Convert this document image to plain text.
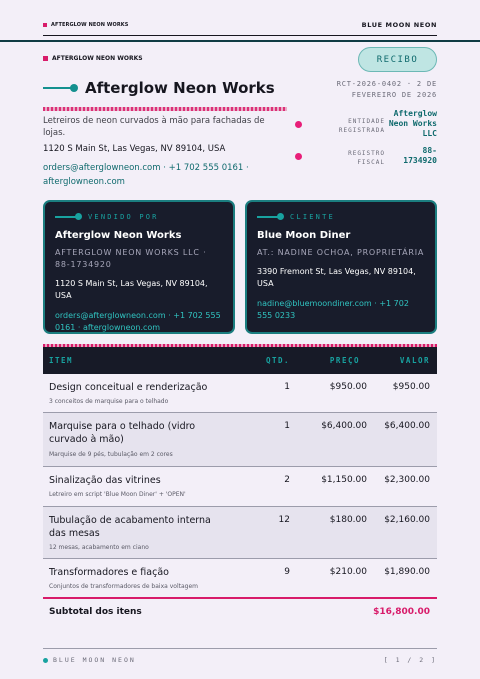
AFTERGLOW NEON WORKS	BLUE MOON NEON
AFTERGLOW NEON WORKS	RECIBO
Afterglow Neon Works
Letreiros de neon curvados à mão para fachadas de lojas.
1120 S Main St, Las Vegas, NV 89104, USA
orders@afterglowneon.com · +1 702 555 0161 · afterglowneon.com
RCT-2026-0402 · 2 DE FEVEREIRO DE 2026
ENTIDADE REGISTRADA
Afterglow Neon Works LLC
REGISTRO FISCAL
88-1734920
VENDIDO POR
Afterglow Neon Works
AFTERGLOW NEON WORKS LLC · 88-1734920
1120 S Main St, Las Vegas, NV 89104, USA
orders@afterglowneon.com · +1 702 555 0161 · afterglowneon.com
CLIENTE
Blue Moon Diner
AT.: NADINE OCHOA, PROPRIETÁRIA
3390 Fremont St, Las Vegas, NV 89104, USA
nadine@bluemoondiner.com · +1 702 555 0233
ITEM	QTD.	PREÇO	VALOR
Design conceitual e renderização
3 conceitos de marquise para o telhado
1	$950.00	$950.00
Marquise para o telhado (vidro curvado à mão)
Marquise de 9 pés, tubulação em 2 cores
1	$6,400.00 $6,400.00
Sinalização das vitrines
Letreiro em script 'Blue Moon Diner' + 'OPEN'
2	$1,150.00 $2,300.00
Tubulação de acabamento interna das mesas
12 mesas, acabamento em ciano
12	$180.00 $2,160.00
Transformadores e fiação
Conjuntos de transformadores de baixa voltagem
9	$210.00 $1,890.00
Subtotal dos itens	$16,800.00
BLUE MOON NEON	[ 1 / 2 ]
